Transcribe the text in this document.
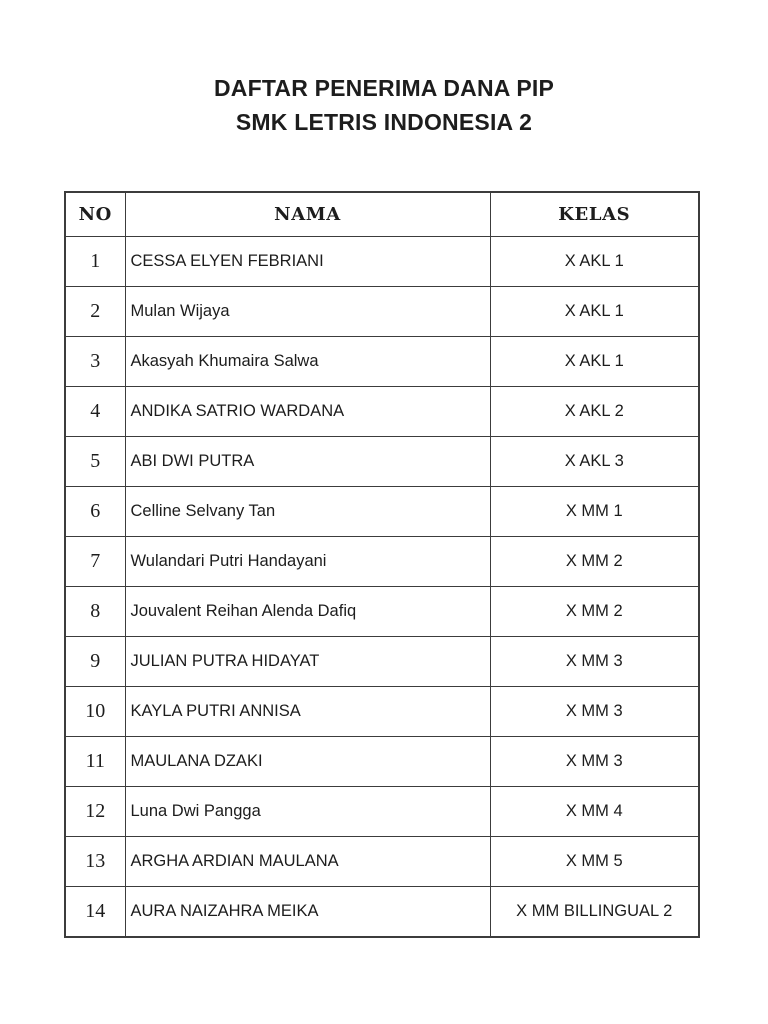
DAFTAR PENERIMA DANA PIP
SMK LETRIS INDONESIA 2
NO	NAMA	KELAS
1	CESSA ELYEN FEBRIANI	X AKL 1
2	Mulan Wijaya	X AKL 1
3	Akasyah Khumaira Salwa	X AKL 1
4	ANDIKA SATRIO WARDANA	X AKL 2
5	ABI DWI PUTRA	X AKL 3
6	Celline Selvany Tan	X MM 1
7	Wulandari Putri Handayani	X MM 2
8	Jouvalent Reihan Alenda Dafiq	X MM 2
9	JULIAN PUTRA HIDAYAT	X MM 3
10	KAYLA PUTRI ANNISA	X MM 3
11	MAULANA DZAKI	X MM 3
12	Luna Dwi Pangga	X MM 4
13	ARGHA ARDIAN MAULANA	X MM 5
14	AURA NAIZAHRA MEIKA	X MM BILLINGUAL 2
